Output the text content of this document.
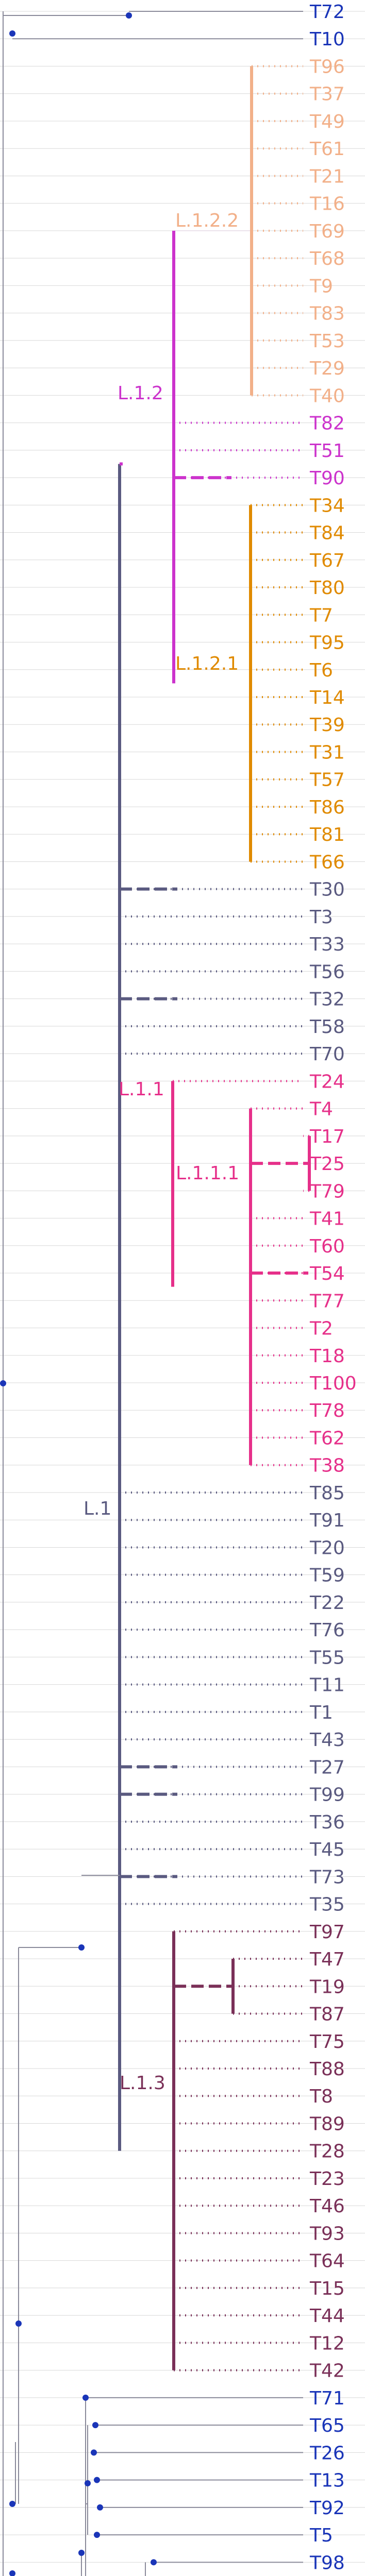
L.1
L.1.2
L.1.2.2
L.1.2.1
L.1.1
L.1.1.1
L.1.3
T72
T10
T96
T37
T49
T61
T21
T16
T69
T68
T9
T83
T53
T29
T40
T82
T51
T90
T34
T84
T67
T80
T7
T95
T6
T14
T39
T31
T57
T86
T81
T66
T30
T3
T33
T56
T32
T58
T70
T24
T4
T17
T25
T79
T41
T60
T54
T77
T2
T18
T100
T78
T62
T38
T85
T91
T20
T59
T22
T76
T55
T11
T1
T43
T27
T99
T36
T45
T73
T35
T97
T47
T19
T87
T75
T88
T8
T89
T28
T23
T46
T93
T64
T15
T44
T12
T42
T71
T65
T26
T13
T92
T5
T98
